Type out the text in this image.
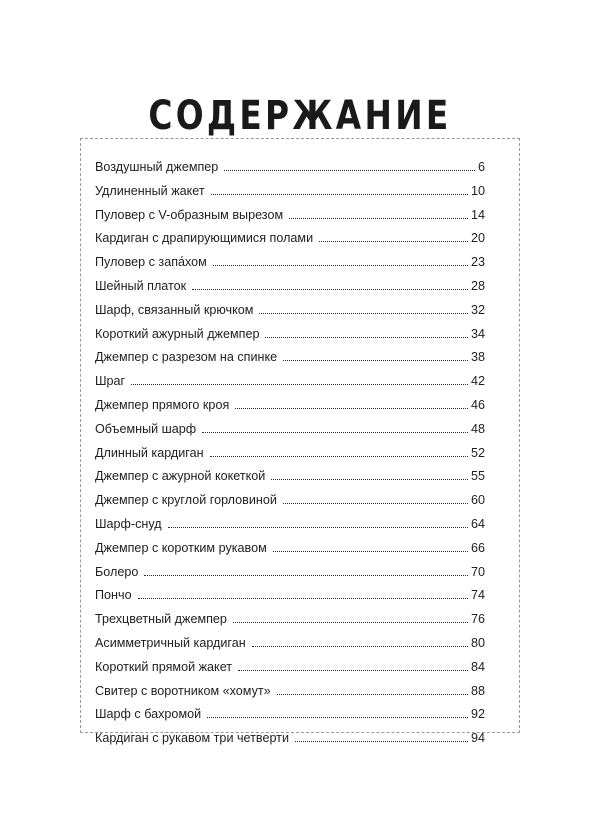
СОДЕРЖАНИЕ
Воздушный джемпер	6
Удлиненный жакет	10
Пуловер с V-образным вырезом	14
Кардиган с драпирующимися полами	20
Пуловер с запа́хом	23
Шейный платок	28
Шарф, связанный крючком	32
Короткий ажурный джемпер	34
Джемпер с разрезом на спинке	38
Шраг	42
Джемпер прямого кроя	46
Объемный шарф	48
Длинный кардиган	52
Джемпер с ажурной кокеткой	55
Джемпер с круглой горловиной	60
Шарф-снуд	64
Джемпер с коротким рукавом	66
Болеро	70
Пончо	74
Трехцветный джемпер	76
Асимметричный кардиган	80
Короткий прямой жакет	84
Свитер с воротником «хомут»	88
Шарф с бахромой	92
Кардиган с рукавом три четверти	94
